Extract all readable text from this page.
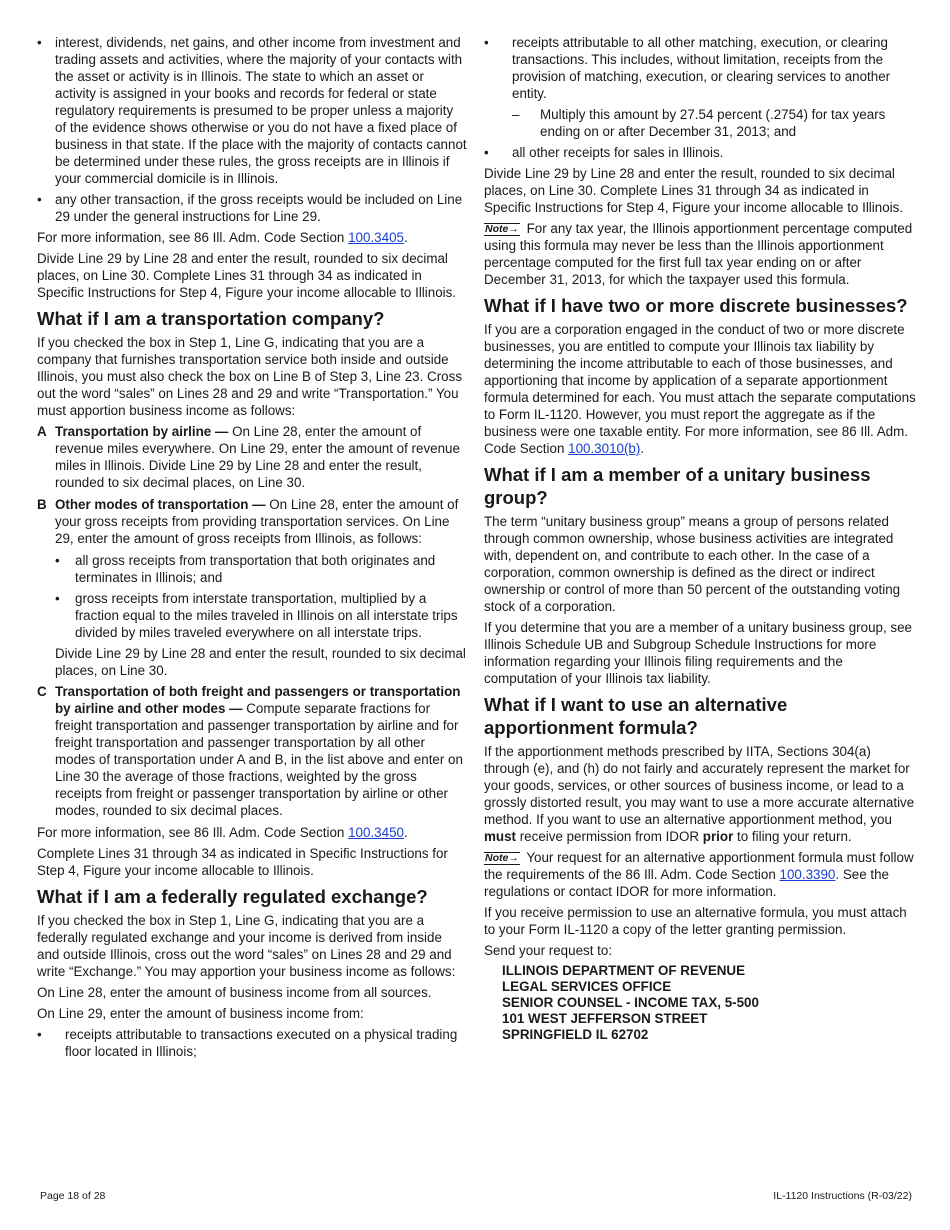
• interest, dividends, net gains, and other income from investment and trading assets and activities, where the majority of your contacts with the asset or activity is in Illinois. The state to which an asset or activity is assigned in your books and records for federal or state regulatory requirements is presumed to be proper unless a majority of the evidence shows otherwise or you do not have a fixed place of business in that state. If the place with the majority of contacts cannot be determined under these rules, the gross receipts are in Illinois if your commercial domicile is in Illinois.
• any other transaction, if the gross receipts would be included on Line 29 under the general instructions for Line 29.

For more information, see 86 Ill. Adm. Code Section 100.3405.

Divide Line 29 by Line 28 and enter the result, rounded to six decimal places, on Line 30. Complete Lines 31 through 34 as indicated in Specific Instructions for Step 4, Figure your income allocable to Illinois.

What if I am a transportation company?

If you checked the box in Step 1, Line G, indicating that you are a company that furnishes transportation service both inside and outside Illinois, you must also check the box on Line B of Step 3, Line 23. Cross out the word “sales” on Lines 28 and 29 and write “Transportation.” You must apportion business income as follows:

A Transportation by airline — On Line 28, enter the amount of revenue miles everywhere. On Line 29, enter the amount of revenue miles in Illinois. Divide Line 29 by Line 28 and enter the result, rounded to six decimal places, on Line 30.
B Other modes of transportation — On Line 28, enter the amount of your gross receipts from providing transportation services. On Line 29, enter the amount of gross receipts from Illinois, as follows:
• all gross receipts from transportation that both originates and terminates in Illinois; and
• gross receipts from interstate transportation, multiplied by a fraction equal to the miles traveled in Illinois on all interstate trips divided by miles traveled everywhere on all interstate trips.

Divide Line 29 by Line 28 and enter the result, rounded to six decimal places, on Line 30.

C Transportation of both freight and passengers or transportation by airline and other modes — Compute separate fractions for freight transportation and passenger transportation by airline and for freight transportation and passenger transportation by all other modes of transportation under A and B, in the list above and enter on Line 30 the average of those fractions, weighted by the gross receipts from freight or passenger transportation by airline or other modes, rounded to six decimal places.

For more information, see 86 Ill. Adm. Code Section 100.3450.

Complete Lines 31 through 34 as indicated in Specific Instructions for Step 4, Figure your income allocable to Illinois.

What if I am a federally regulated exchange?

If you checked the box in Step 1, Line G, indicating that you are a federally regulated exchange and your income is derived from inside and outside Illinois, cross out the word “sales” on Lines 28 and 29 and write “Exchange.” You may apportion your business income as follows:

On Line 28, enter the amount of business income from all sources.

On Line 29, enter the amount of business income from:

• receipts attributable to transactions executed on a physical trading floor located in Illinois;
• receipts attributable to all other matching, execution, or clearing transactions. This includes, without limitation, receipts from the provision of matching, execution, or clearing services to another entity.
– Multiply this amount by 27.54 percent (.2754) for tax years ending on or after December 31, 2013; and
• all other receipts for sales in Illinois.

Divide Line 29 by Line 28 and enter the result, rounded to six decimal places, on Line 30. Complete Lines 31 through 34 as indicated in Specific Instructions for Step 4, Figure your income allocable to Illinois.

Note→ For any tax year, the Illinois apportionment percentage computed using this formula may never be less than the Illinois apportionment percentage computed for the first full tax year ending on or after December 31, 2013, for which the taxpayer used this formula.

What if I have two or more discrete businesses?

If you are a corporation engaged in the conduct of two or more discrete businesses, you are entitled to compute your Illinois tax liability by determining the income attributable to each of those businesses, and apportioning that income by application of a separate apportionment formula determined for each. You must attach the separate computations to Form IL-1120. However, you must report the aggregate as if the business were one taxable entity. For more information, see 86 Ill. Adm. Code Section 100.3010(b).

What if I am a member of a unitary business group?

The term “unitary business group” means a group of persons related through common ownership, whose business activities are integrated with, dependent on, and contribute to each other. In the case of a corporation, common ownership is defined as the direct or indirect ownership or control of more than 50 percent of the outstanding voting stock of a corporation.

If you determine that you are a member of a unitary business group, see Illinois Schedule UB and Subgroup Schedule Instructions for more information regarding your Illinois filing requirements and the computation of your Illinois tax liability.

What if I want to use an alternative apportionment formula?

If the apportionment methods prescribed by IITA, Sections 304(a) through (e), and (h) do not fairly and accurately represent the market for your goods, services, or other sources of business income, or lead to a grossly distorted result, you may want to use a more accurate alternative method. If you want to use an alternative apportionment method, you must receive permission from IDOR prior to filing your return.

Note→ Your request for an alternative apportionment formula must follow the requirements of the 86 Ill. Adm. Code Section 100.3390. See the regulations or contact IDOR for more information.

If you receive permission to use an alternative formula, you must attach to your Form IL-1120 a copy of the letter granting permission.

Send your request to:

ILLINOIS DEPARTMENT OF REVENUE
LEGAL SERVICES OFFICE
SENIOR COUNSEL - INCOME TAX, 5-500
101 WEST JEFFERSON STREET
SPRINGFIELD IL 62702
Page 18 of 28	IL-1120 Instructions (R-03/22)
